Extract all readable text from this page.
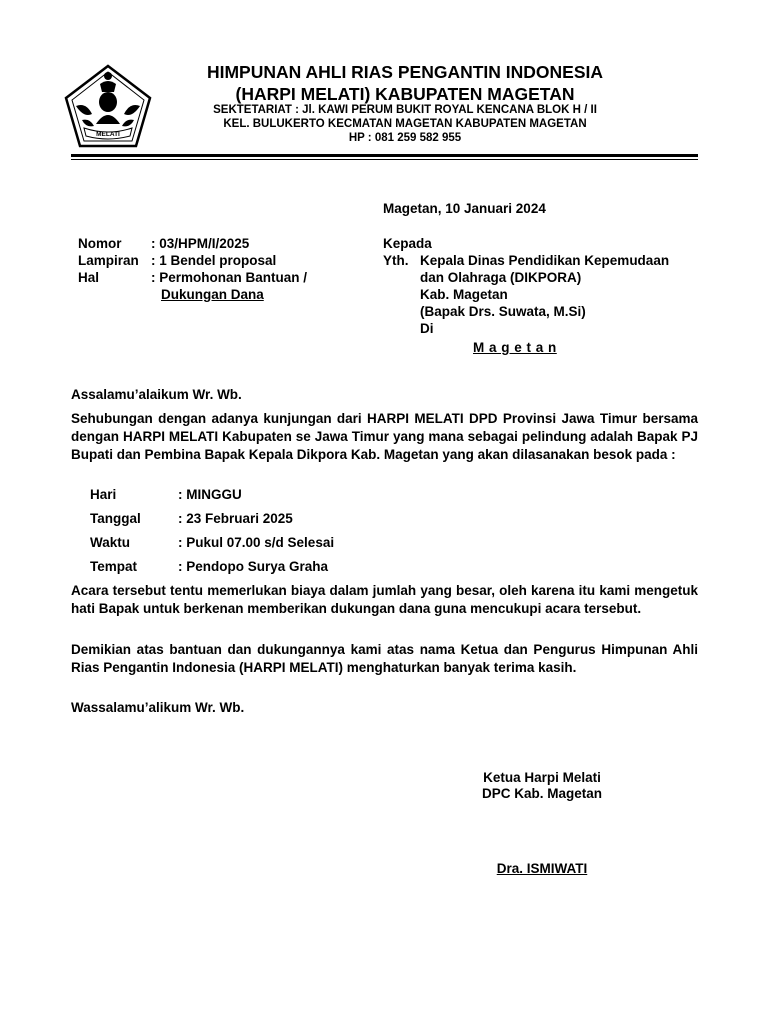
MELATI
HIMPUNAN AHLI RIAS PENGANTIN INDONESIA
(HARPI MELATI) KABUPATEN MAGETAN
SEKTETARIAT : Jl. KAWI PERUM BUKIT ROYAL KENCANA BLOK H / II
KEL. BULUKERTO KECMATAN MAGETAN KABUPATEN MAGETAN
HP : 081 259 582 955
Magetan, 10 Januari 2024
Nomor : 03/HPM/I/2025
Lampiran : 1 Bendel proposal
Hal	: Permohonan Bantuan /
Dukungan Dana
Kepada
Yth. Kepala Dinas Pendidikan Kepemudaan
dan Olahraga (DIKPORA)
Kab. Magetan
(Bapak Drs. Suwata, M.Si)
Di
M a g e t a n
Assalamu’alaikum Wr. Wb.
Sehubungan dengan adanya kunjungan dari HARPI MELATI DPD Provinsi Jawa Timur bersama dengan HARPI MELATI Kabupaten se Jawa Timur yang mana sebagai pelindung adalah Bapak PJ Bupati dan Pembina Bapak Kepala Dikpora Kab. Magetan yang akan dilasanakan besok pada :
Hari	: MINGGU
Tanggal	: 23 Februari 2025
Waktu	: Pukul 07.00 s/d Selesai
Tempat	: Pendopo Surya Graha
Acara tersebut tentu memerlukan biaya dalam jumlah yang besar, oleh karena itu kami mengetuk hati Bapak untuk berkenan memberikan dukungan dana guna mencukupi acara tersebut.
Demikian atas bantuan dan dukungannya kami atas nama Ketua dan Pengurus Himpunan Ahli Rias Pengantin Indonesia (HARPI MELATI) menghaturkan banyak terima kasih.
Wassalamu’alikum Wr. Wb.
Ketua Harpi Melati
DPC Kab. Magetan
Dra. ISMIWATI
